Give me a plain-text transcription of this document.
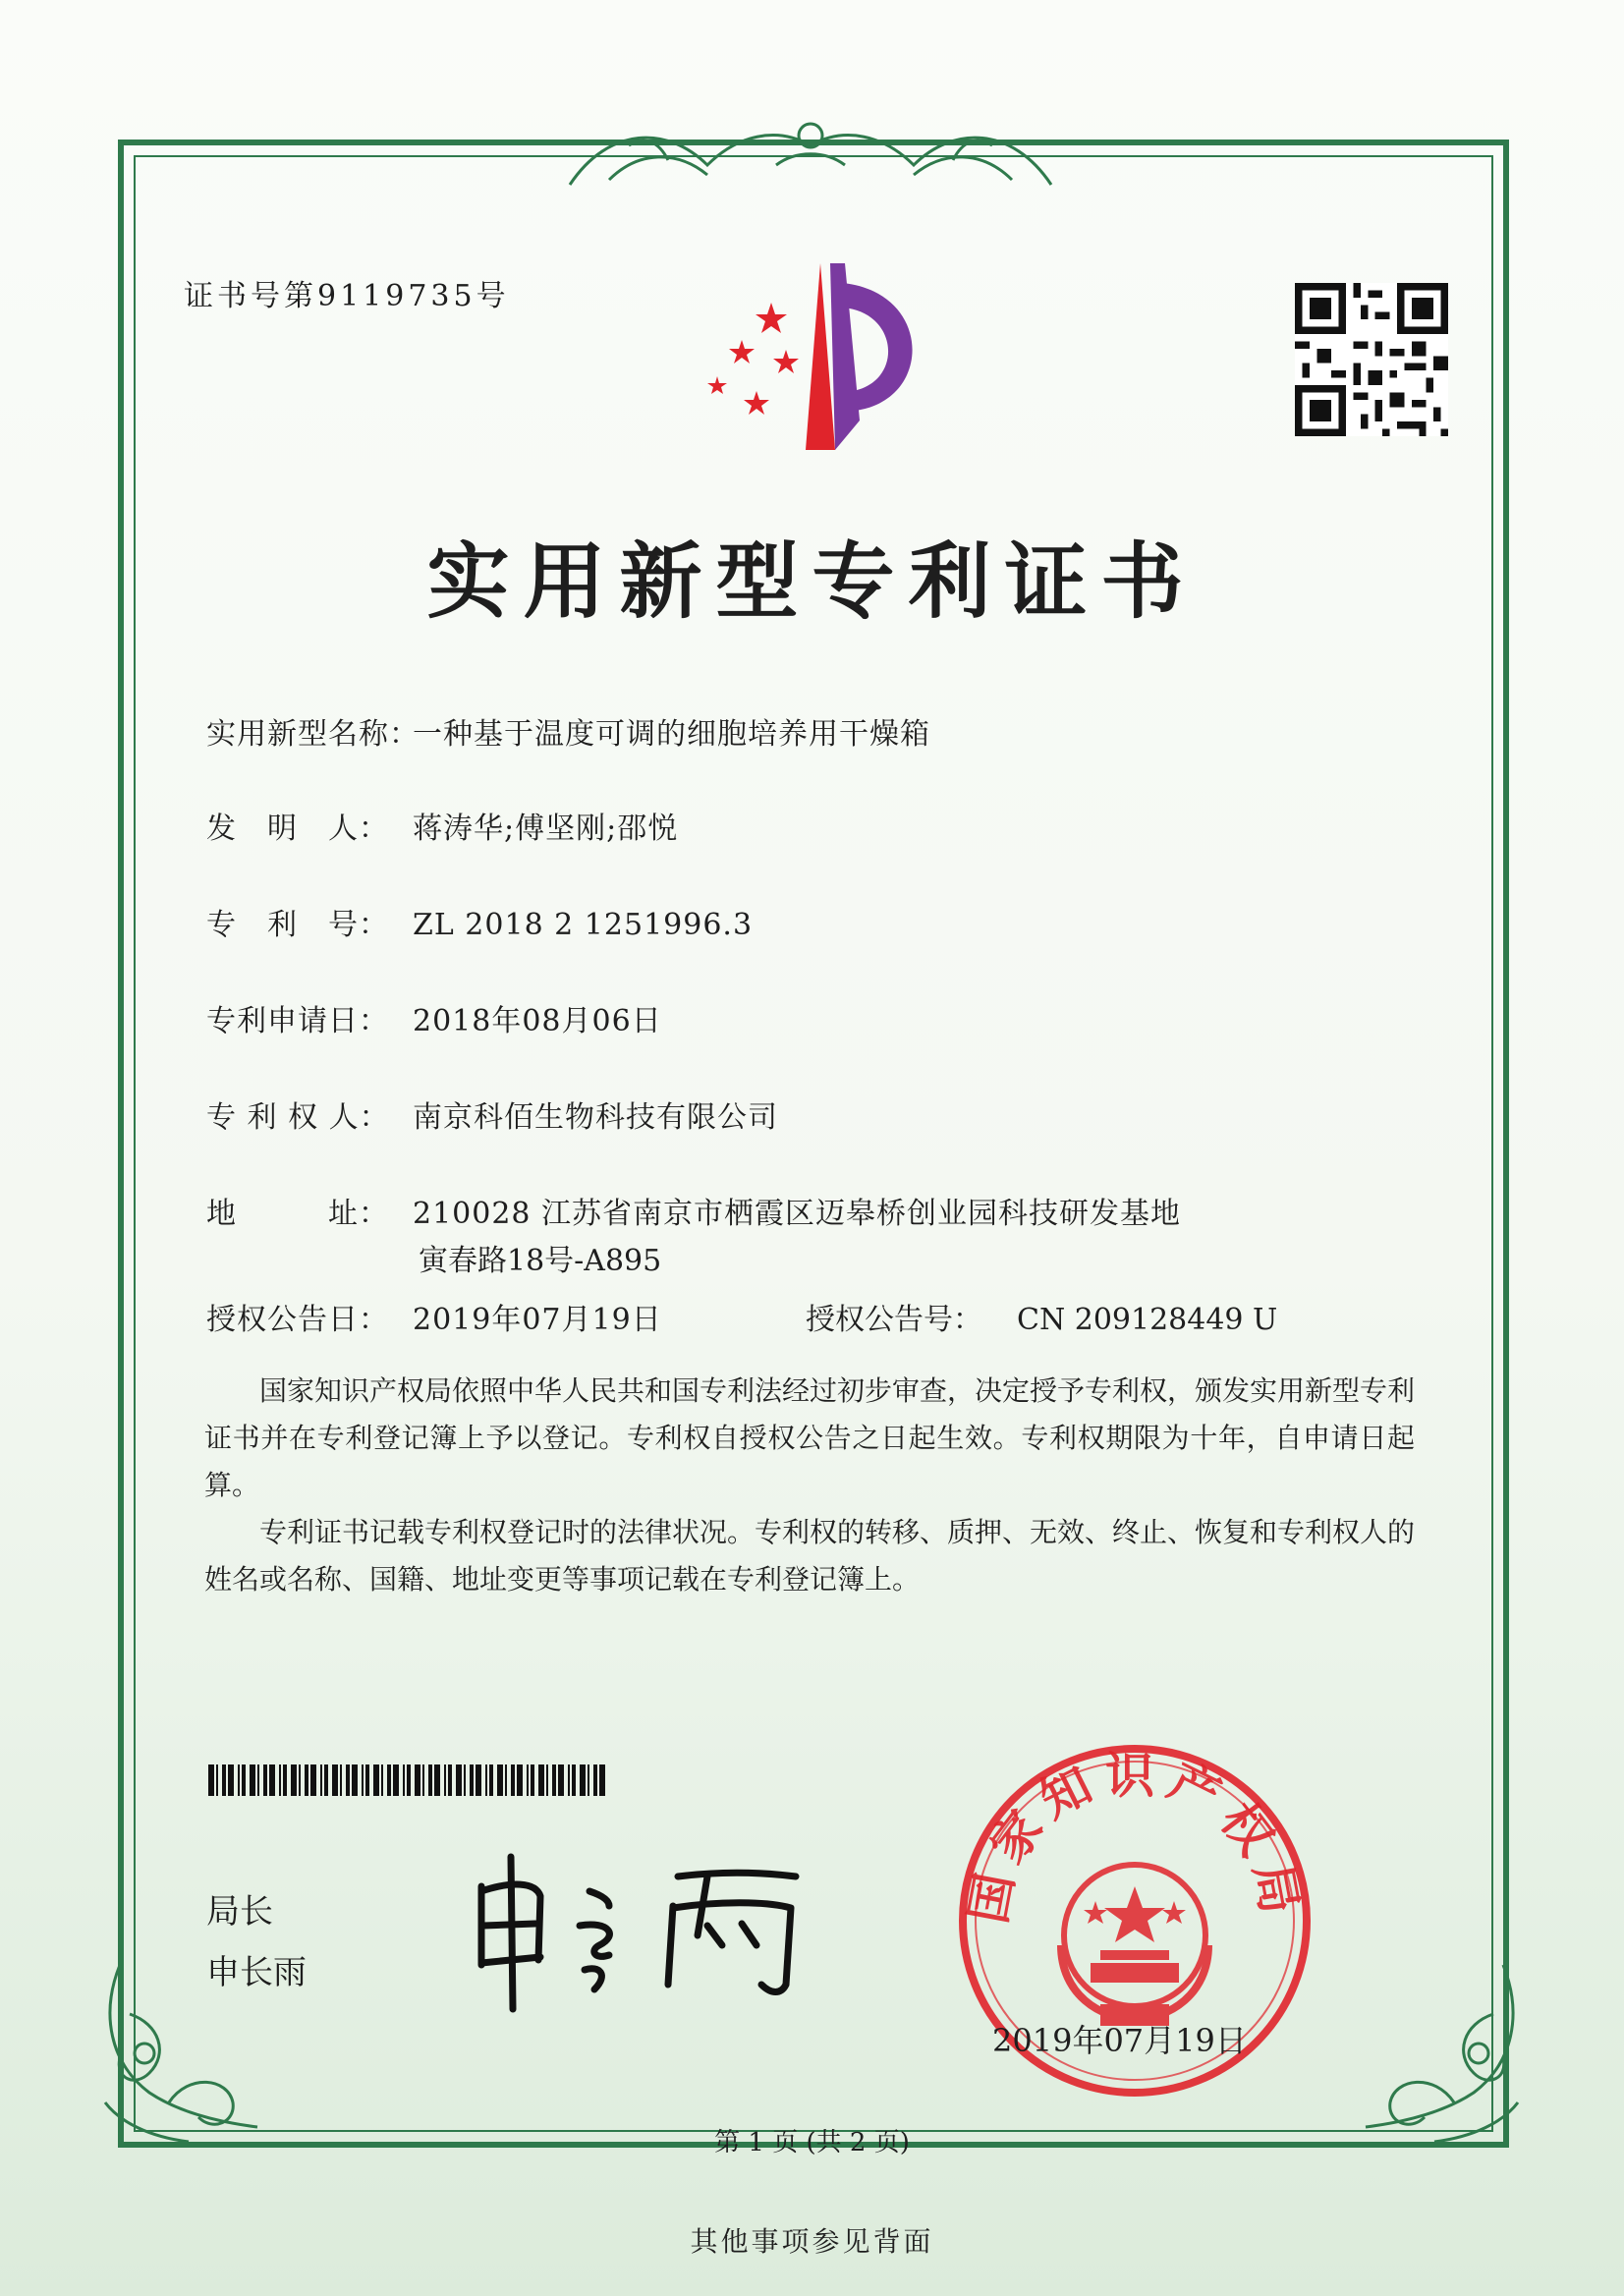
证书号第9119735号
实用新型专利证书
实用新型名称：一种基于温度可调的细胞培养用干燥箱
发　明　人： 蒋涛华;傅坚刚;邵悦
专　利　号： ZL 2018 2 1251996.3
专利申请日： 2018年08月06日
专 利 权 人： 南京科佰生物科技有限公司
地　　　址： 210028 江苏省南京市栖霞区迈皋桥创业园科技研发基地
寅春路18号-A895
授权公告日： 2019年07月19日	授权公告号： CN 209128449 U
国家知识产权局依照中华人民共和国专利法经过初步审查，决定授予专利权，颁发实用新型专利证书并在专利登记簿上予以登记。专利权自授权公告之日起生效。专利权期限为十年，自申请日起算。
专利证书记载专利权登记时的法律状况。专利权的转移、质押、无效、终止、恢复和专利权人的姓名或名称、国籍、地址变更等事项记载在专利登记簿上。
局长
申长雨
国家知识产权局
2019年07月19日
第 1 页 (共 2 页)
其他事项参见背面
